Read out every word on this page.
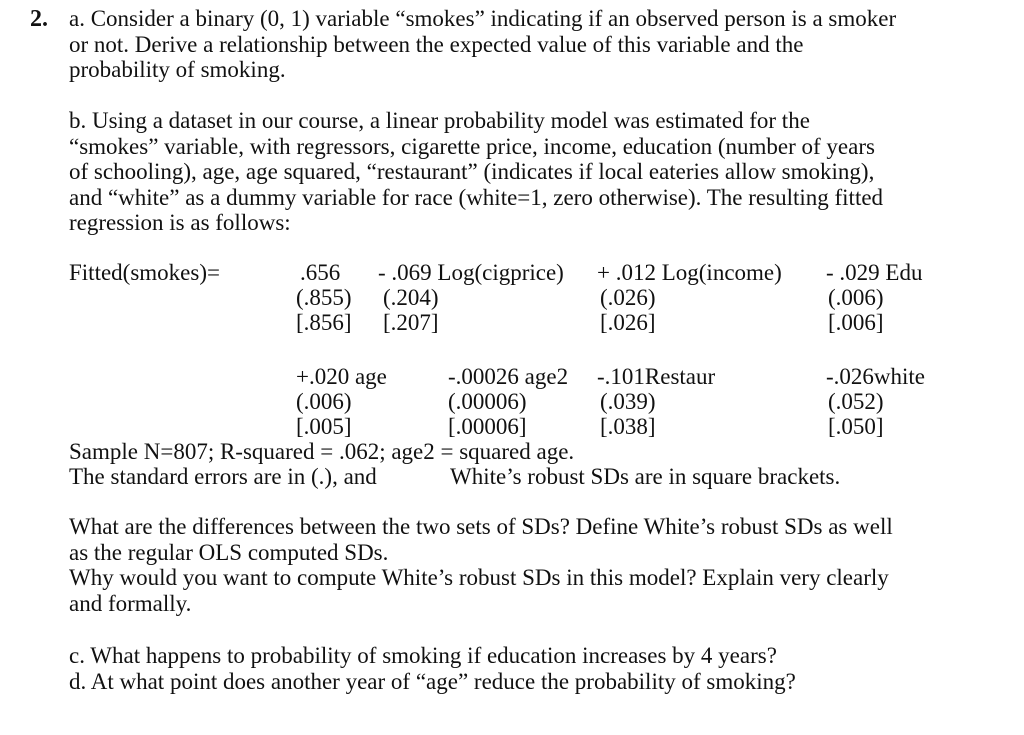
2. a. Consider a binary (0, 1) variable “smokes” indicating if an observed person is a smoker
or not. Derive a relationship between the expected value of this variable and the
probability of smoking.
b. Using a dataset in our course, a linear probability model was estimated for the
“smokes” variable, with regressors, cigarette price, income, education (number of years
of schooling), age, age squared, “restaurant” (indicates if local eateries allow smoking),
and “white” as a dummy variable for race (white=1, zero otherwise). The resulting fitted
regression is as follows:
Fitted(smokes)=	.656
(.855)
[.856]
- .069 Log(cigprice)
(.204)
[.207]
+ .012 Log(income)
(.026)
[.026]
- .029 Edu
(.006)
[.006]
+.020 age
(.006)
[.005]
-.00026 age2
(.00006)
[.00006]
-.101Restaur
(.039)
[.038]
-.026white
(.052)
[.050]
Sample N=807; R-squared = .062; age2 = squared age.
The standard errors are in (.), and	White’s robust SDs are in square brackets.
What are the differences between the two sets of SDs? Define White’s robust SDs as well
as the regular OLS computed SDs.
Why would you want to compute White’s robust SDs in this model? Explain very clearly
and formally.
c. What happens to probability of smoking if education increases by 4 years?
d. At what point does another year of “age” reduce the probability of smoking?
